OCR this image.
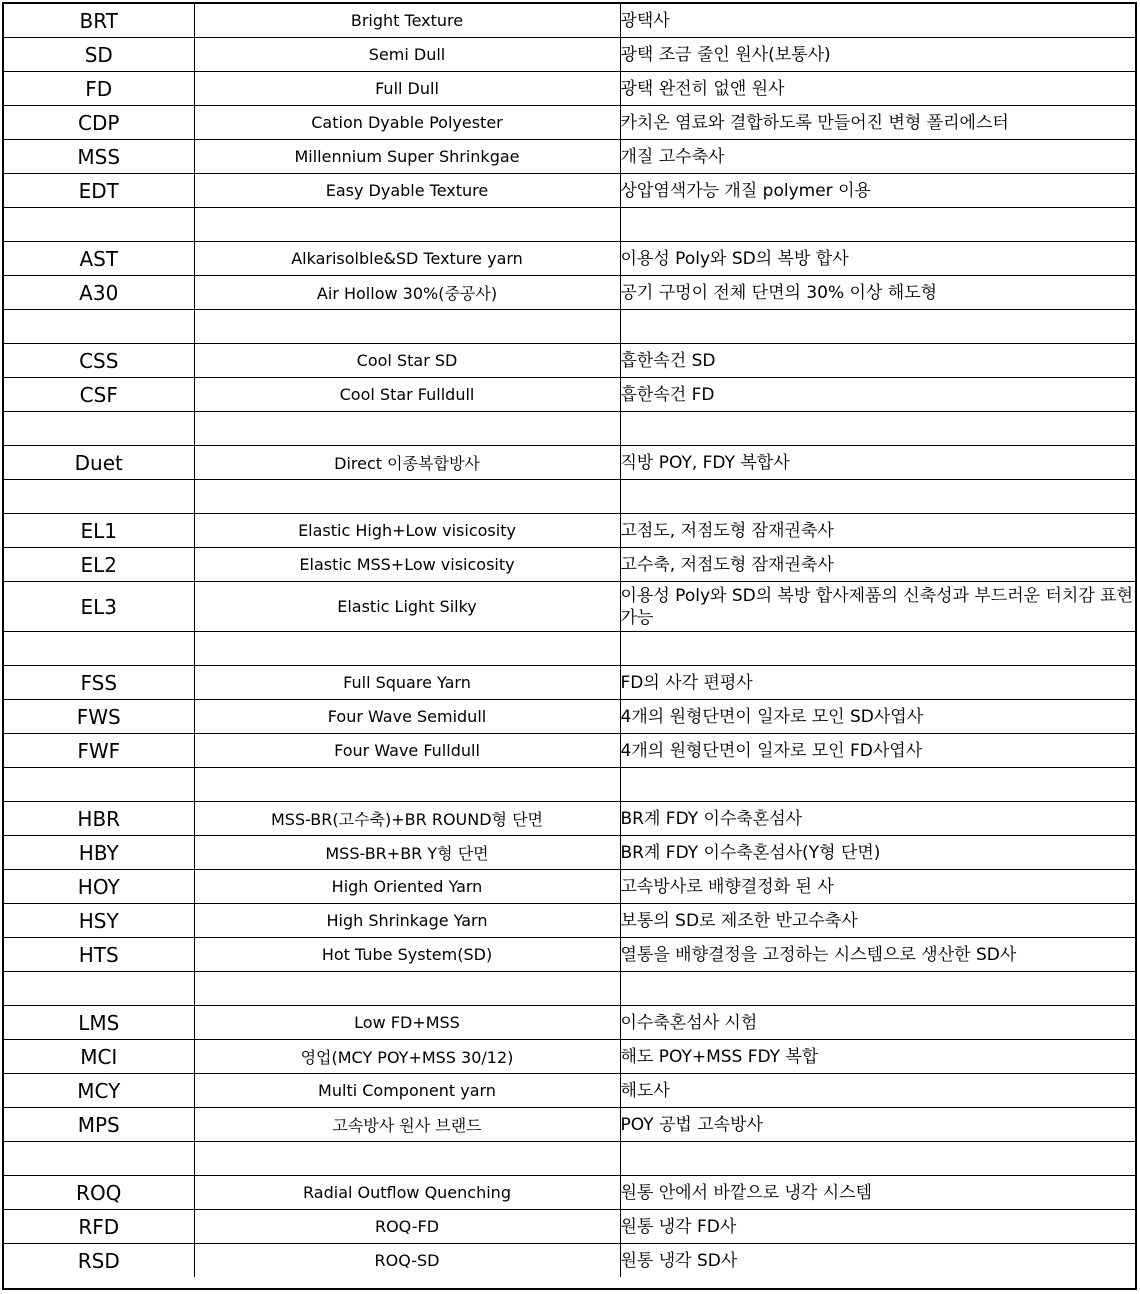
BRT	Bright Texture	광택사
SD	Semi Dull	광택 조금 줄인 원사(보통사)
FD	Full Dull	광택 완전히 없앤 원사
CDP	Cation Dyable Polyester	카치온 염료와 결합하도록 만들어진 변형 폴리에스터
MSS	Millennium Super Shrinkgae	개질 고수축사
EDT	Easy Dyable Texture	상압염색가능 개질 polymer 이용

AST	Alkarisolble&SD Texture yarn	이용성 Poly와 SD의 복방 합사
A30	Air Hollow 30%(중공사)	공기 구멍이 전체 단면의 30% 이상 해도형

CSS	Cool Star SD	흡한속건 SD
CSF	Cool Star Fulldull	흡한속건 FD

Duet	Direct 이종복합방사	직방 POY, FDY 복합사

EL1	Elastic High+Low visicosity	고점도, 저점도형 잠재권축사
EL2	Elastic MSS+Low visicosity	고수축, 저점도형 잠재권축사
EL3	Elastic Light Silky	이용성 Poly와 SD의 복방 합사제품의 신축성과 부드러운 터치감 표현가능

FSS	Full Square Yarn	FD의 사각 편평사
FWS	Four Wave Semidull	4개의 원형단면이 일자로 모인 SD사엽사
FWF	Four Wave Fulldull	4개의 원형단면이 일자로 모인 FD사엽사

HBR	MSS-BR(고수축)+BR ROUND형 단면	BR계 FDY 이수축혼섬사
HBY	MSS-BR+BR Y형 단면	BR계 FDY 이수축혼섬사(Y형 단면)
HOY	High Oriented Yarn	고속방사로 배향결정화 된 사
HSY	High Shrinkage Yarn	보통의 SD로 제조한 반고수축사
HTS	Hot Tube System(SD)	열통을 배향결정을 고정하는 시스템으로 생산한 SD사

LMS	Low FD+MSS	이수축혼섬사 시험
MCI	영업(MCY POY+MSS 30/12)	해도 POY+MSS FDY 복합
MCY	Multi Component yarn	해도사
MPS	고속방사 원사 브랜드	POY 공법 고속방사

ROQ	Radial Outflow Quenching	원통 안에서 바깥으로 냉각 시스템
RFD	ROQ-FD	원통 냉각 FD사
RSD	ROQ-SD	원통 냉각 SD사
